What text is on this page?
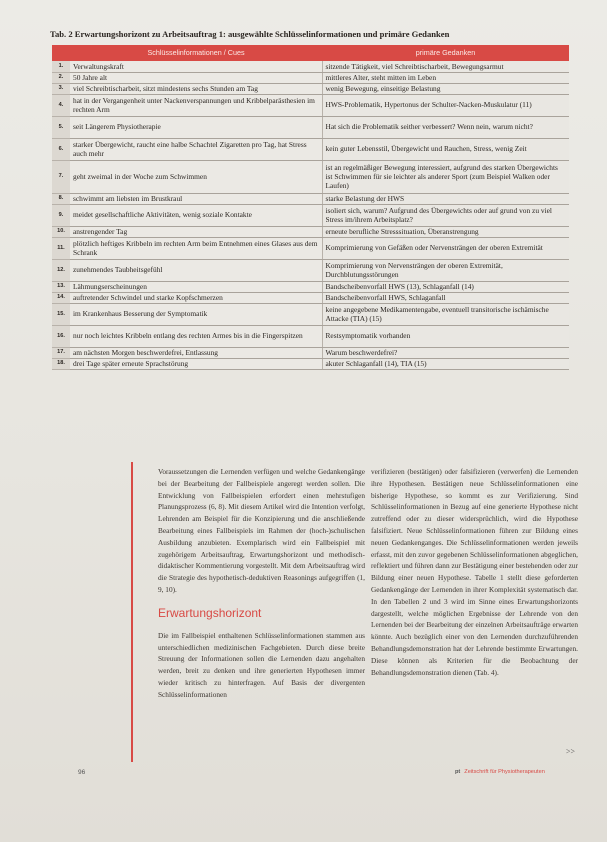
Tab. 2 Erwartungshorizont zu Arbeitsauftrag 1: ausgewählte Schlüsselinformationen und primäre Gedanken
	Schlüsselinformationen / Cues	primäre Gedanken
1.	Verwaltungskraft	sitzende Tätigkeit, viel Schreibtischarbeit, Bewegungsarmut
2.	50 Jahre alt	mittleres Alter, steht mitten im Leben
3.	viel Schreibtischarbeit, sitzt mindestens sechs Stunden am Tag	wenig Bewegung, einseitige Belastung
4.	hat in der Vergangenheit unter Nackenverspannungen und Kribbelparästhesien im rechten Arm	HWS-Problematik, Hypertonus der Schulter-Nacken-Muskulatur (11)
5.	seit Längerem Physiotherapie	Hat sich die Problematik seither verbessert? Wenn nein, warum nicht?
6.	starker Übergewicht, raucht eine halbe Schachtel Zigaretten pro Tag, hat Stress auch mehr	kein guter Lebensstil, Übergewicht und Rauchen, Stress, wenig Zeit
7.	geht zweimal in der Woche zum Schwimmen	ist an regelmäßiger Bewegung interessiert, aufgrund des starken Übergewichts ist Schwimmen für sie leichter als anderer Sport (zum Beispiel Walken oder Laufen)
8.	schwimmt am liebsten im Brustkraul	starke Belastung der HWS
9.	meidet gesellschaftliche Aktivitäten, wenig soziale Kontakte	isoliert sich, warum? Aufgrund des Übergewichts oder auf grund von zu viel Stress im/ihrem Arbeitsplatz?
10.	anstrengender Tag	erneute berufliche Stresssituation, Überanstrengung
11.	plötzlich heftiges Kribbeln im rechten Arm beim Entnehmen eines Glases aus dem Schrank	Komprimierung von Gefäßen oder Nervensträngen der oberen Extremität
12.	zunehmendes Taubheitsgefühl	Komprimierung von Nervensträngen der oberen Extremität, Durchblutungsstörungen
13.	Lähmungserscheinungen	Bandscheibenvorfall HWS (13), Schlaganfall (14)
14.	auftretender Schwindel und starke Kopfschmerzen	Bandscheibenvorfall HWS, Schlaganfall
15.	im Krankenhaus Besserung der Symptomatik	keine angegebene Medikamentengabe, eventuell transitorische ischämische Attacke (TIA) (15)
16.	nur noch leichtes Kribbeln entlang des rechten Armes bis in die Fingerspitzen	Restsymptomatik vorhanden
17.	am nächsten Morgen beschwerdefrei, Entlassung	Warum beschwerdefrei?
18.	drei Tage später erneute Sprachstörung	akuter Schlaganfall (14), TIA (15)

Voraussetzungen die Lernenden verfügen und welche Gedankengänge bei der Bearbeitung der Fallbeispiele angeregt werden sollen. Die Entwicklung von Fallbeispielen erfordert einen mehrstufigen Planungsprozess (6, 8). Mit diesem Artikel wird die Intention verfolgt, Lehrenden am Beispiel für die Konzipierung und die anschließende Bearbeitung eines Fallbeispiels im Rahmen der (hoch-)schulischen Ausbildung anzubieten. Exemplarisch wird ein Fallbeispiel mit zugehörigem Arbeitsauftrag, Erwartungshorizont und methodisch-didaktischer Kommentierung vorgestellt. Mit dem Arbeitsauftrag wird die Strategie des hypothetisch-deduktiven Reasonings aufgegriffen (1, 9, 10).

Erwartungshorizont

Die im Fallbeispiel enthaltenen Schlüsselinformationen stammen aus unterschiedlichen medizinischen Fachgebieten. Durch diese breite Streuung der Informationen sollen die Lernenden dazu angehalten werden, breit zu denken und ihre generierten Hypothesen immer wieder kritisch zu hinterfragen. Auf Basis der divergenten Schlüsselinformationen

verifizieren (bestätigen) oder falsifizieren (verwerfen) die Lernenden ihre Hypothesen. Bestätigen neue Schlüsselinformationen eine bisherige Hypothese, so kommt es zur Verifizierung. Sind Schlüsselinformationen in Bezug auf eine generierte Hypothese nicht zutreffend oder zu dieser widersprüchlich, wird die Hypothese falsifiziert. Neue Schlüsselinformationen führen zur Bildung eines neuen Gedankenganges. Die Schlüsselinformationen werden jeweils erfasst, mit den zuvor gegebenen Schlüsselinformationen abgeglichen, reflektiert und führen dann zur Bestätigung einer bestehenden oder zur Bildung einer neuen Hypothese. Tabelle 1 stellt diese geforderten Gedankengänge der Lernenden in ihrer Komplexität systematisch dar. In den Tabellen 2 und 3 wird im Sinne eines Erwartungshorizonts dargestellt, welche möglichen Ergebnisse der Lehrende von den Lernenden bei der Bearbeitung der einzelnen Arbeitsaufträge erwarten könnte. Auch bezüglich einer von den Lernenden durchzuführenden Behandlungsdemonstration hat der Lehrende bestimmte Erwartungen. Diese können als Kriterien für die Beobachtung der Behandlungsdemonstration dienen (Tab. 4).

>>
96	pt Zeitschrift für Physiotherapeuten
